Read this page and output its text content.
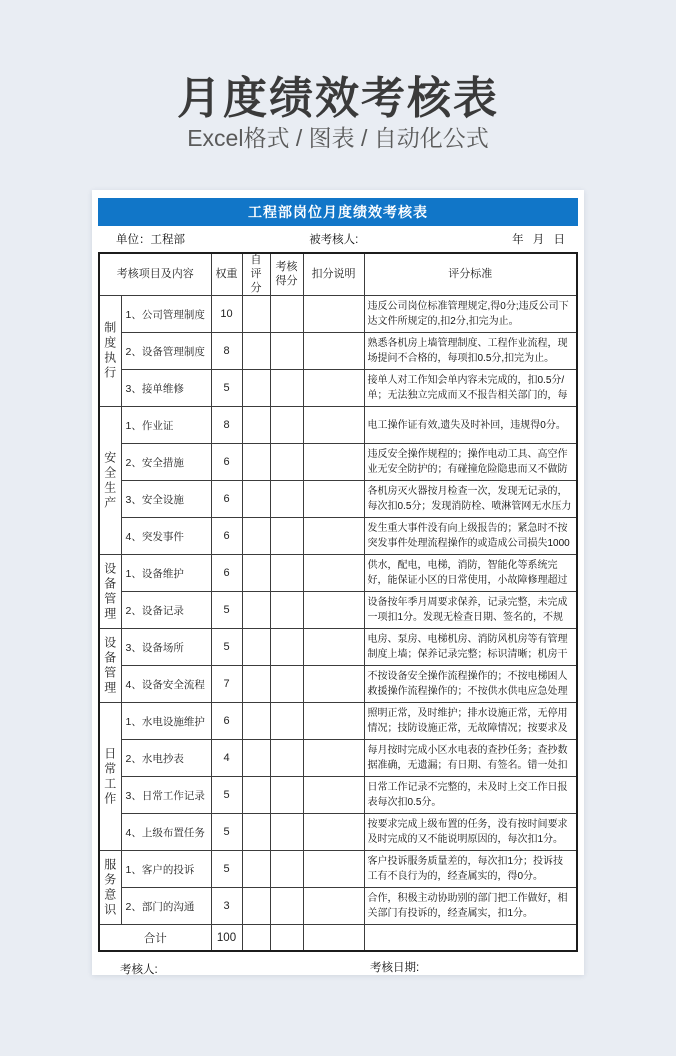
月度绩效考核表
Excel格式 / 图表 / 自动化公式
工程部岗位月度绩效考核表
单位：工程部	被考核人:	年 月 日
考核项目及内容		权重	自评分	考核得分	扣分说明	评分标准
制度执行	1、公司管理制度	10				违反公司岗位标准管理规定,得0分;违反公司下达文件所规定的,扣2分,扣完为止。
	2、设备管理制度	8				熟悉各机房上墙管理制度、工程作业流程，现场提问不合格的，每项扣0.5分,扣完为止。
	3、接单维修	5				接单人对工作知会单内容未完成的，扣0.5分/单；无法独立完成而又不报告相关部门的，每
安全生产	1、作业证	8				电工操作证有效,遗失及时补回，违规得0分。
	2、安全措施	6				违反安全操作规程的；操作电动工具、高空作业无安全防护的；有碰撞危险隐患而又不做防
	3、安全设施	6				各机房灭火器按月检查一次，发现无记录的，每次扣0.5分；发现消防栓、喷淋管网无水压力
	4、突发事件	6				发生重大事件没有向上级报告的；紧急时不按突发事件处理流程操作的或造成公司损失1000
设备管理	1、设备维护	6				供水，配电，电梯，消防，智能化等系统完好，能保证小区的日常使用，小故障修理超过
	2、设备记录	5				设备按年季月周要求保养，记录完整，未完成一项扣1分。发现无检查日期、签名的，不规
设备管理	3、设备场所	5				电房、泵房、电梯机房、消防风机房等有管理制度上墙；保养记录完整；标识清晰；机房干
	4、设备安全流程	7				不按设备安全操作流程操作的；不按电梯困人救援操作流程操作的；不按供水供电应急处理
日常工作	1、水电设施维护	6				照明正常，及时维护；排水设施正常，无停用情况；技防设施正常，无故障情况；按要求及
	2、水电抄表	4				每月按时完成小区水电表的查抄任务；查抄数据准确，无遗漏；有日期、有签名。错一处扣
	3、日常工作记录	5				日常工作记录不完整的，未及时上交工作日报表每次扣0.5分。
	4、上级布置任务	5				按要求完成上级布置的任务，没有按时间要求及时完成的又不能说明原因的，每次扣1分。
服务意识	1、客户的投诉	5				客户投诉服务质量差的，每次扣1分；投诉技工有不良行为的，经查属实的，得0分。
	2、部门的沟通	3				合作，积极主动协助别的部门把工作做好，相关部门有投诉的，经查属实，扣1分。
合计		100				
考核人:	考核日期:
